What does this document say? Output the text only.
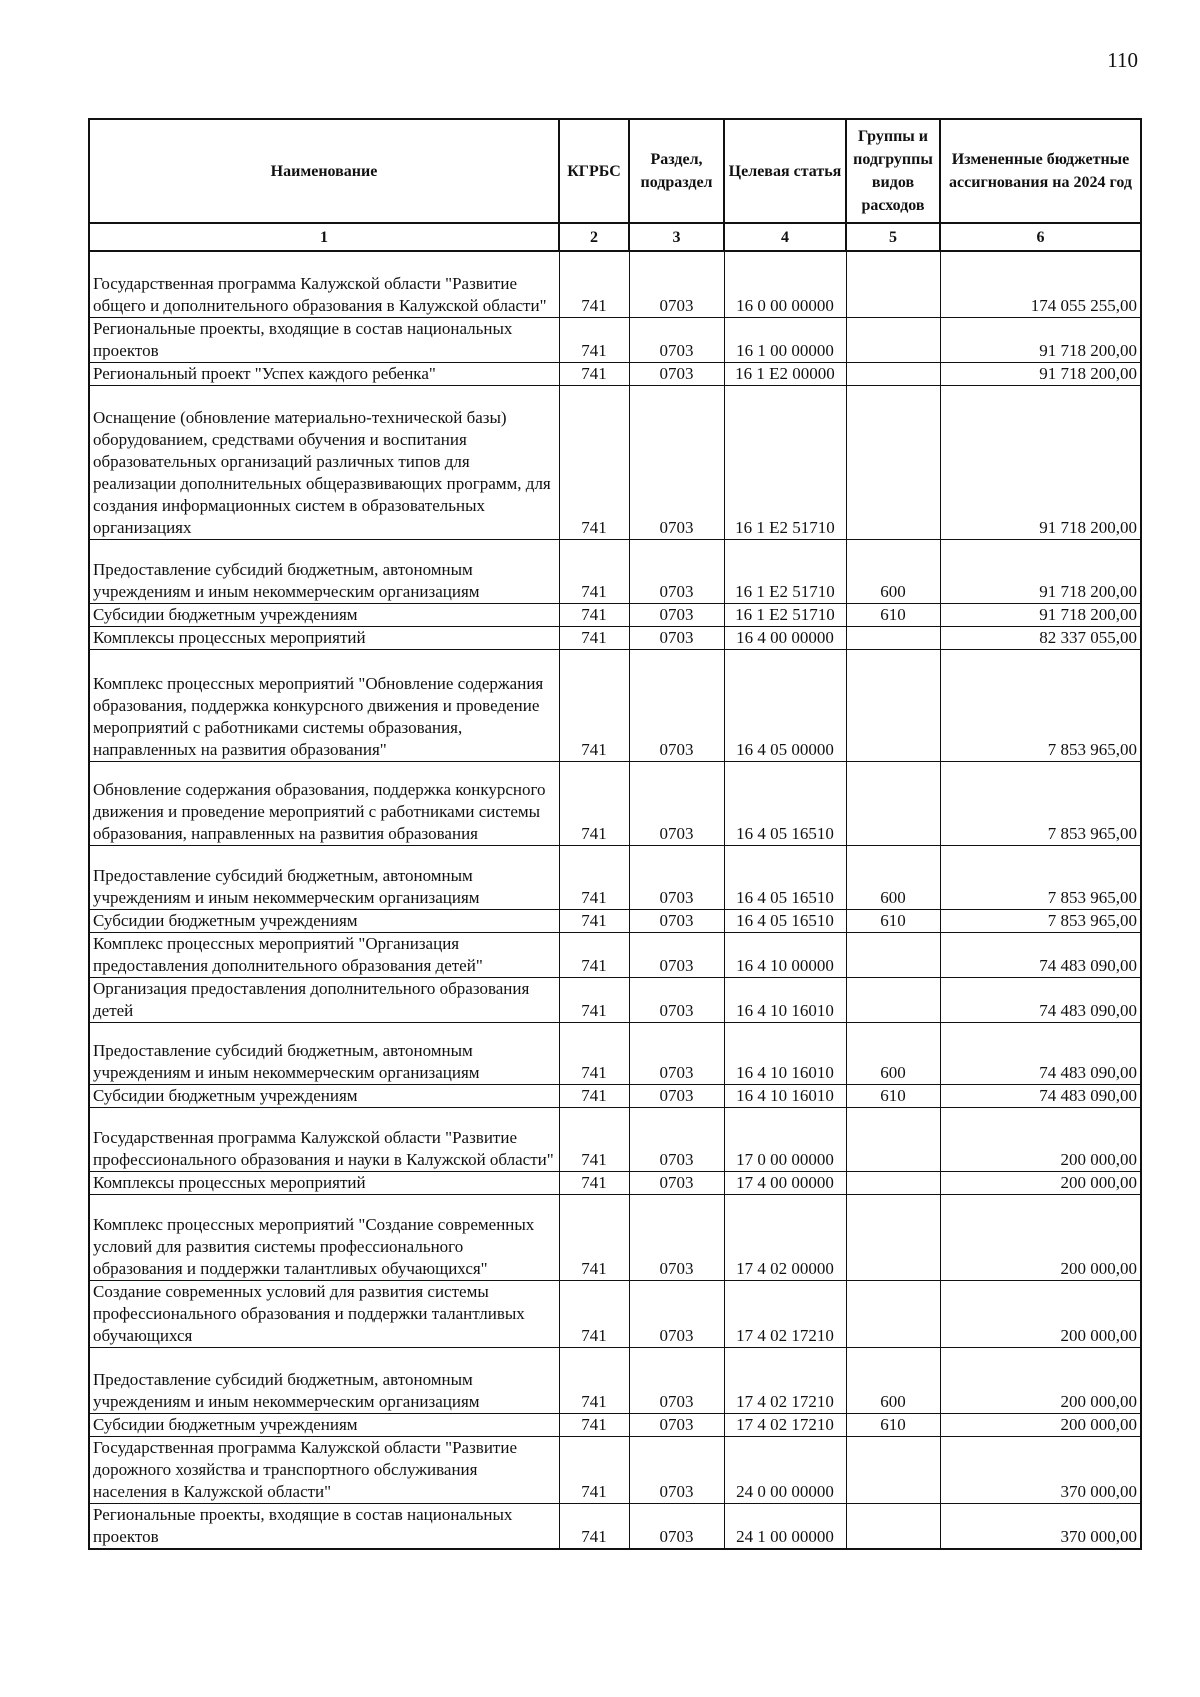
110
Наименование	КГРБС	Раздел, подраздел	Целевая статья	Группы и подгруппы видов расходов	Измененные бюджетные ассигнования на 2024 год
1	2	3	4	5	6
Государственная программа Калужской области "Развитие общего и дополнительного образования в Калужской области"	741	0703	16 0 00 00000		174 055 255,00
Региональные проекты, входящие в состав национальных проектов	741	0703	16 1 00 00000		91 718 200,00
Региональный проект "Успех каждого ребенка"	741	0703	16 1 E2 00000		91 718 200,00
Оснащение (обновление материально-технической базы) оборудованием, средствами обучения и воспитания образовательных организаций различных типов для реализации дополнительных общеразвивающих программ, для создания информационных систем в образовательных организациях	741	0703	16 1 E2 51710		91 718 200,00
Предоставление субсидий бюджетным, автономным учреждениям и иным некоммерческим организациям	741	0703	16 1 E2 51710	600	91 718 200,00
Субсидии бюджетным учреждениям	741	0703	16 1 E2 51710	610	91 718 200,00
Комплексы процессных мероприятий	741	0703	16 4 00 00000		82 337 055,00
Комплекс процессных мероприятий "Обновление содержания образования, поддержка конкурсного движения и проведение мероприятий с работниками системы образования, направленных на развития образования"	741	0703	16 4 05 00000		7 853 965,00
Обновление содержания образования, поддержка конкурсного движения и проведение мероприятий с работниками системы образования, направленных на развития образования	741	0703	16 4 05 16510		7 853 965,00
Предоставление субсидий бюджетным, автономным учреждениям и иным некоммерческим организациям	741	0703	16 4 05 16510	600	7 853 965,00
Субсидии бюджетным учреждениям	741	0703	16 4 05 16510	610	7 853 965,00
Комплекс процессных мероприятий "Организация предоставления дополнительного образования детей"	741	0703	16 4 10 00000		74 483 090,00
Организация предоставления дополнительного образования детей	741	0703	16 4 10 16010		74 483 090,00
Предоставление субсидий бюджетным, автономным учреждениям и иным некоммерческим организациям	741	0703	16 4 10 16010	600	74 483 090,00
Субсидии бюджетным учреждениям	741	0703	16 4 10 16010	610	74 483 090,00
Государственная программа Калужской области "Развитие профессионального образования и науки в Калужской области"	741	0703	17 0 00 00000		200 000,00
Комплексы процессных мероприятий	741	0703	17 4 00 00000		200 000,00
Комплекс процессных мероприятий "Создание современных условий для развития системы профессионального образования и поддержки талантливых обучающихся"	741	0703	17 4 02 00000		200 000,00
Создание современных условий для развития системы профессионального образования и поддержки талантливых обучающихся	741	0703	17 4 02 17210		200 000,00
Предоставление субсидий бюджетным, автономным учреждениям и иным некоммерческим организациям	741	0703	17 4 02 17210	600	200 000,00
Субсидии бюджетным учреждениям	741	0703	17 4 02 17210	610	200 000,00
Государственная программа Калужской области "Развитие дорожного хозяйства и транспортного обслуживания населения в Калужской области"	741	0703	24 0 00 00000		370 000,00
Региональные проекты, входящие в состав национальных проектов	741	0703	24 1 00 00000		370 000,00
